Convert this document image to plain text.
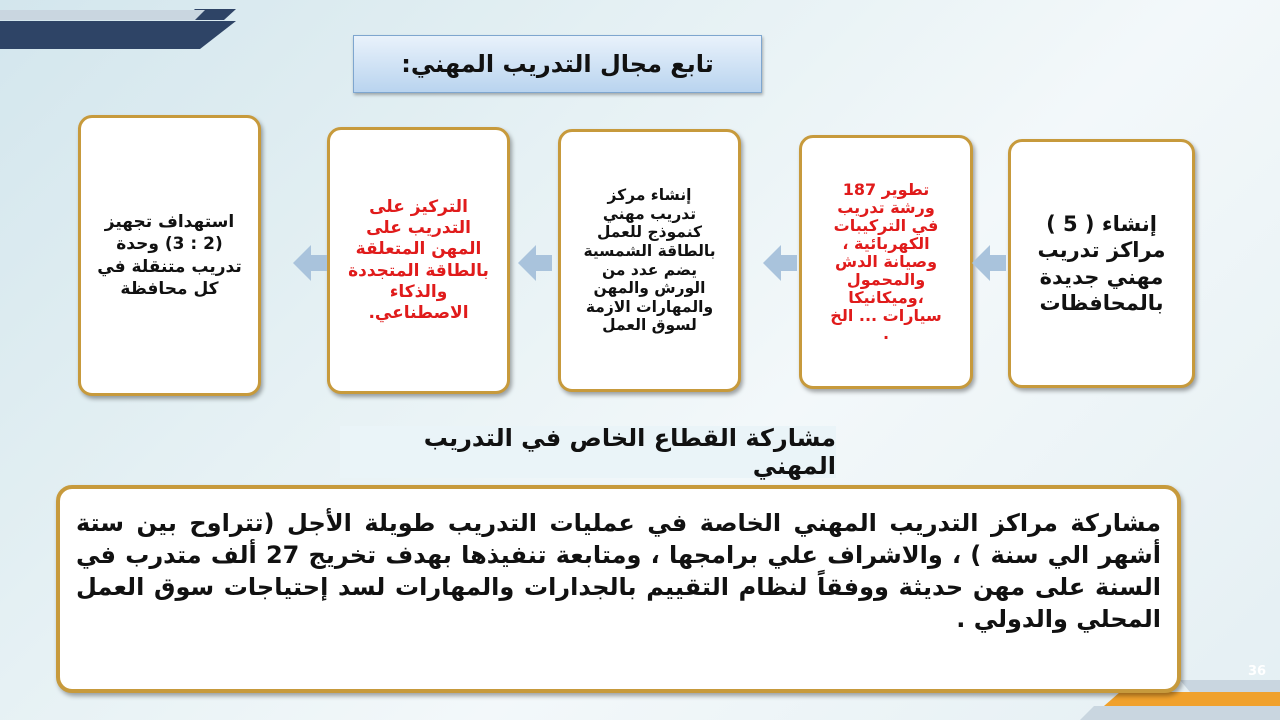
تابع مجال التدريب المهني:
إنشاء ( 5 )
مراكز تدريب
مهني جديدة
بالمحافظات
تطوير 187
ورشة تدريب
في التركيبات
الكهربائية ،
وصيانة الدش
والمحمول
،وميكانيكا
سيارات ... الخ
.
إنشاء مركز
تدريب مهني
كنموذج للعمل
بالطاقة الشمسية
يضم عدد من
الورش والمهن
والمهارات الازمة
لسوق العمل
التركيز على
التدريب على
المهن المتعلقة
بالطاقة المتجددة
والذكاء
الاصطناعي.
استهداف تجهيز
(2 : 3) وحدة
تدريب متنقلة في
كل محافظة
مشاركة القطاع الخاص في التدريب المهني
مشاركة مراكز التدريب المهني الخاصة في عمليات التدريب طويلة الأجل (تتراوح بين ستة أشهر الي سنة ) ، والاشراف علي برامجها ، ومتابعة تنفيذها بهدف تخريج 27 ألف متدرب في السنة على مهن حديثة ووفقاً لنظام التقييم بالجدارات والمهارات لسد إحتياجات سوق العمل المحلي والدولي .
36
